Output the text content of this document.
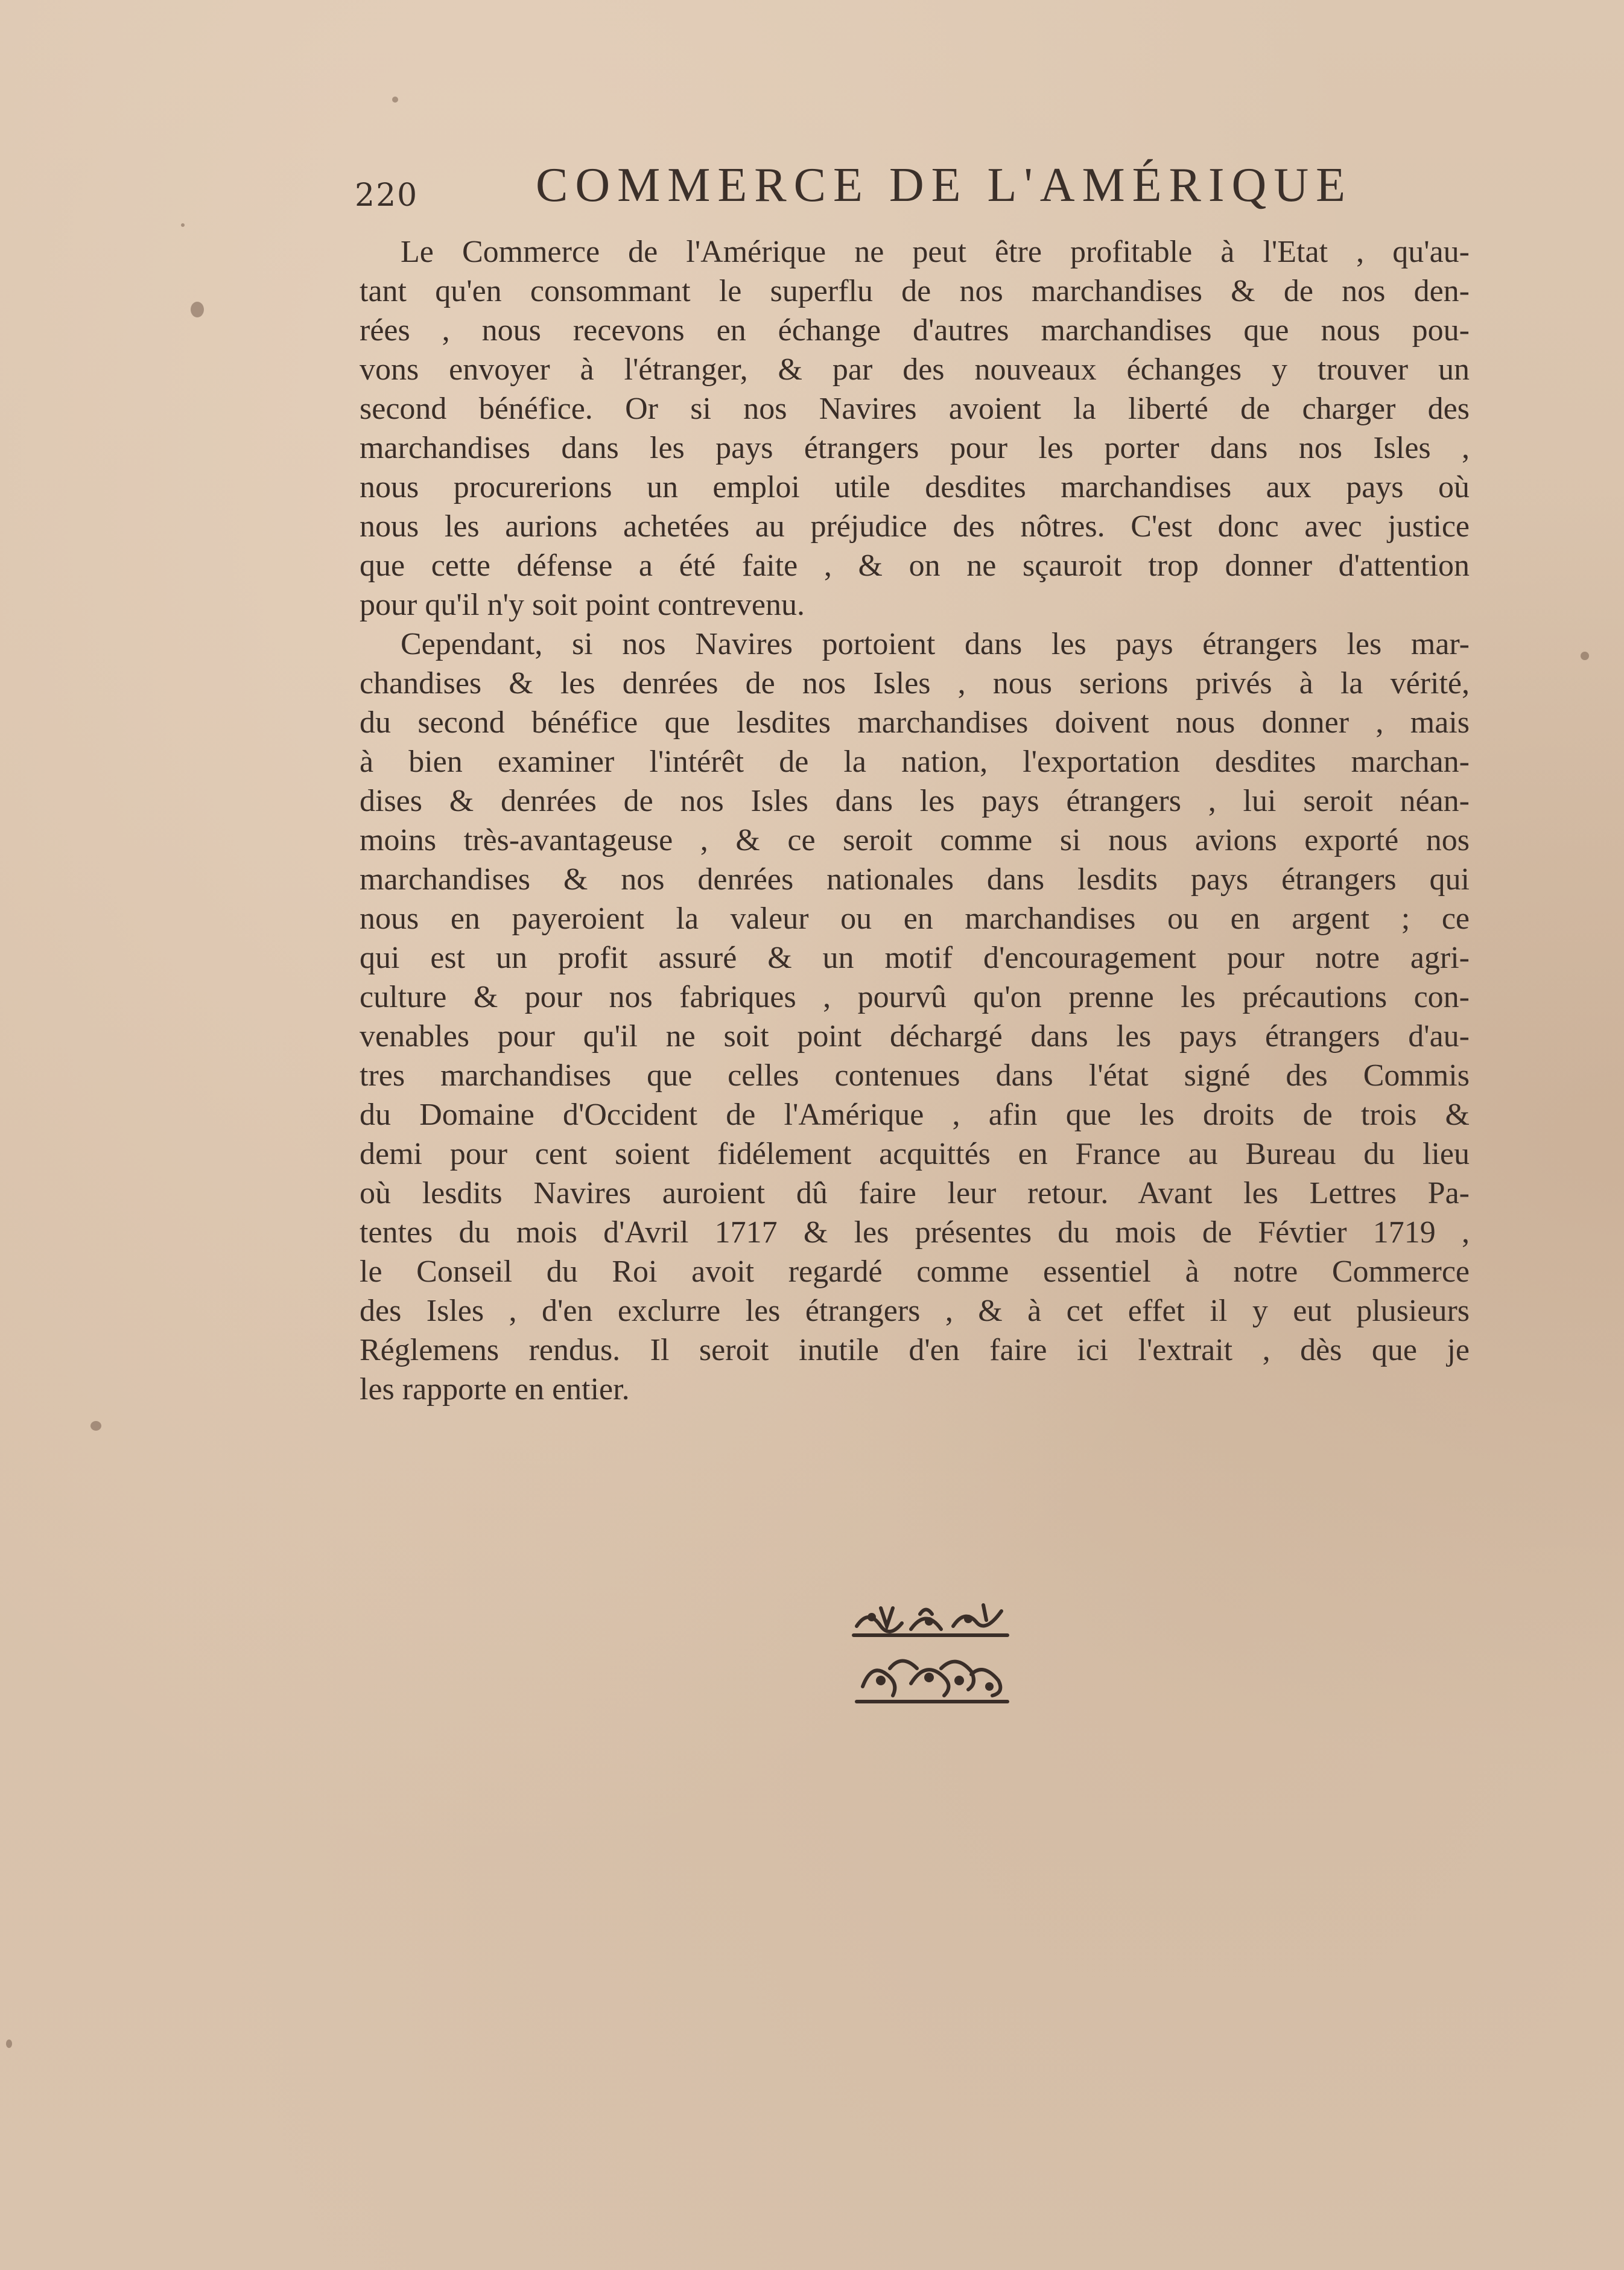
220 COMMERCE DE L'AMÉRIQUE
Le Commerce de l'Amérique ne peut être profitable à l'Etat , qu'au-
tant qu'en consommant le superflu de nos marchandises & de nos den-
rées , nous recevons en échange d'autres marchandises que nous pou-
vons envoyer à l'étranger, & par des nouveaux échanges y trouver un
second bénéfice. Or si nos Navires avoient la liberté de charger des
marchandises dans les pays étrangers pour les porter dans nos Isles ,
nous procurerions un emploi utile desdites marchandises aux pays où
nous les aurions achetées au préjudice des nôtres. C'est donc avec justice
que cette défense a été faite , & on ne sçauroit trop donner d'attention
pour qu'il n'y soit point contrevenu.
Cependant, si nos Navires portoient dans les pays étrangers les mar-
chandises & les denrées de nos Isles , nous serions privés à la vérité,
du second bénéfice que lesdites marchandises doivent nous donner , mais
à bien examiner l'intérêt de la nation, l'exportation desdites marchan-
dises & denrées de nos Isles dans les pays étrangers , lui seroit néan-
moins très-avantageuse , & ce seroit comme si nous avions exporté nos
marchandises & nos denrées nationales dans lesdits pays étrangers qui
nous en payeroient la valeur ou en marchandises ou en argent ; ce
qui est un profit assuré & un motif d'encouragement pour notre agri-
culture & pour nos fabriques , pourvû qu'on prenne les précautions con-
venables pour qu'il ne soit point déchargé dans les pays étrangers d'au-
tres marchandises que celles contenues dans l'état signé des Commis
du Domaine d'Occident de l'Amérique , afin que les droits de trois &
demi pour cent soient fidélement acquittés en France au Bureau du lieu
où lesdits Navires auroient dû faire leur retour. Avant les Lettres Pa-
tentes du mois d'Avril 1717 & les présentes du mois de Févtier 1719 ,
le Conseil du Roi avoit regardé comme essentiel à notre Commerce
des Isles , d'en exclurre les étrangers , & à cet effet il y eut plusieurs
Réglemens rendus. Il seroit inutile d'en faire ici l'extrait , dès que je
les rapporte en entier.
